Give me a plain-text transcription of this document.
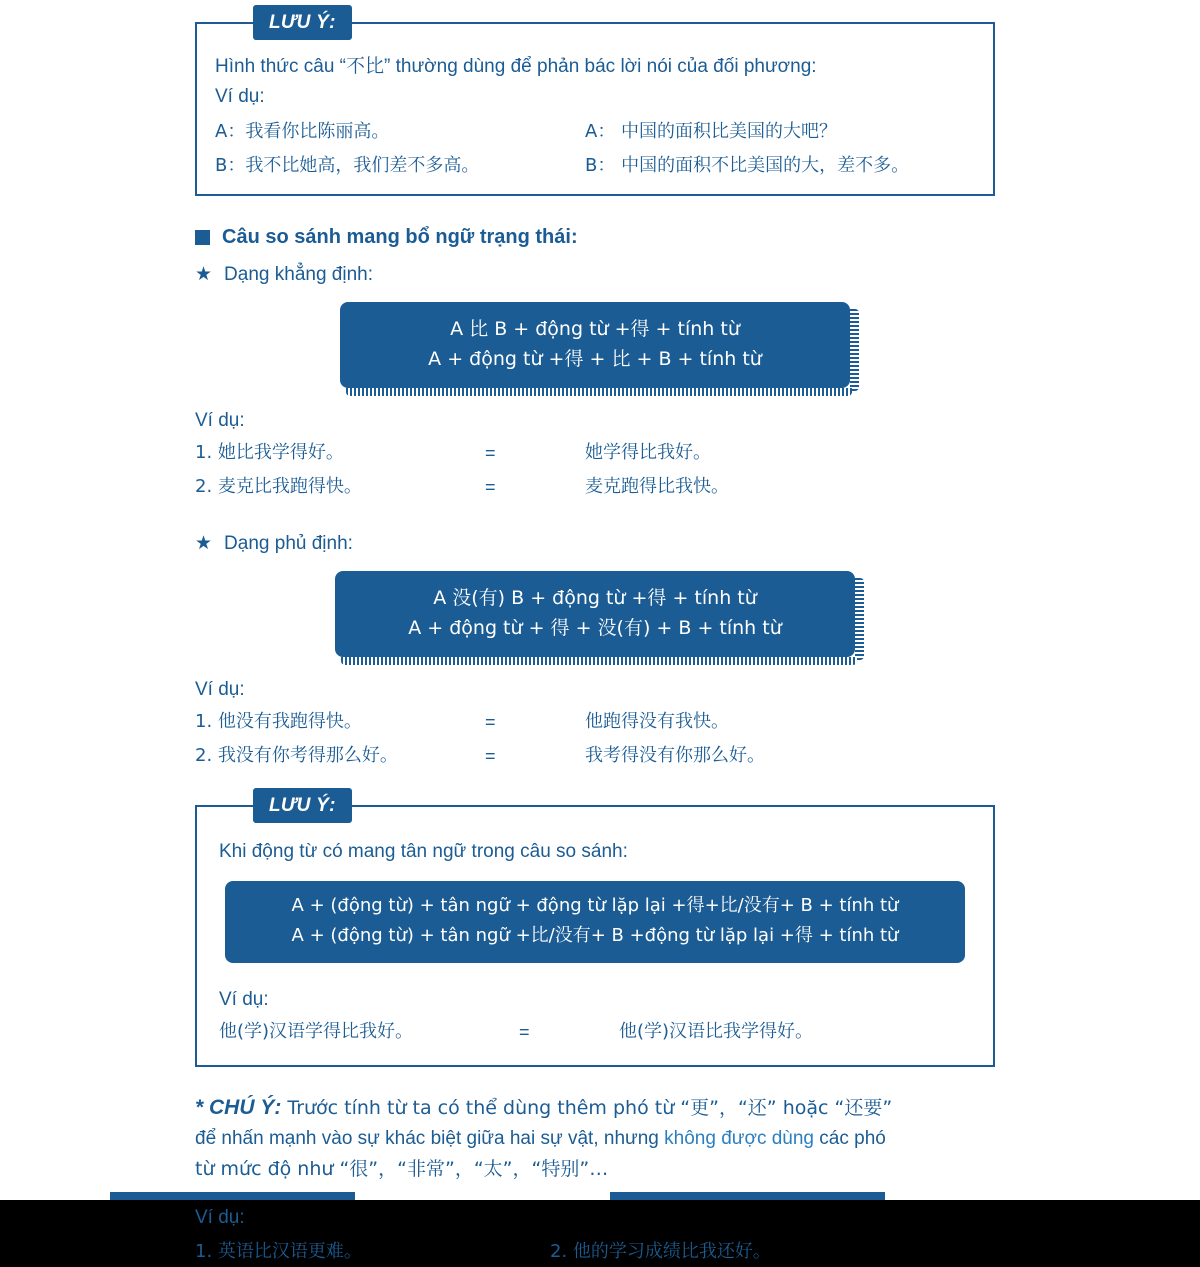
LƯU Ý:
Hình thức câu “不比” thường dùng để phản bác lời nói của đối phương:
Ví dụ:
A：我看你比陈丽高。	A： 中国的面积比美国的大吧？
B：我不比她高，我们差不多高。	B： 中国的面积不比美国的大，差不多。
Câu so sánh mang bổ ngữ trạng thái:
★ Dạng khẳng định:
A 比 B + động từ +得 + tính từ
A + động từ +得 + 比 + B + tính từ
Ví dụ:
1. 她比我学得好。	=	她学得比我好。
2. 麦克比我跑得快。	=	麦克跑得比我快。
★ Dạng phủ định:
A 没(有) B + động từ +得 + tính từ
A + động từ + 得 + 没(有) + B + tính từ
Ví dụ:
1. 他没有我跑得快。	=	他跑得没有我快。
2. 我没有你考得那么好。	=	我考得没有你那么好。
LƯU Ý:
Khi động từ có mang tân ngữ trong câu so sánh:
A + (động từ) + tân ngữ + động từ lặp lại +得+比/没有+ B + tính từ
A + (động từ) + tân ngữ +比/没有+ B +động từ lặp lại +得 + tính từ
Ví dụ:
他(学)汉语学得比我好。	=	他(学)汉语比我学得好。
* CHÚ Ý: Trước tính từ ta có thể dùng thêm phó từ “更”，“还” hoặc “还要”
để nhấn mạnh vào sự khác biệt giữa hai sự vật, nhưng không được dùng các phó
từ mức độ như “很”，“非常”，“太”，“特别”…
Ví dụ:
1. 英语比汉语更难。	2. 他的学习成绩比我还好。
